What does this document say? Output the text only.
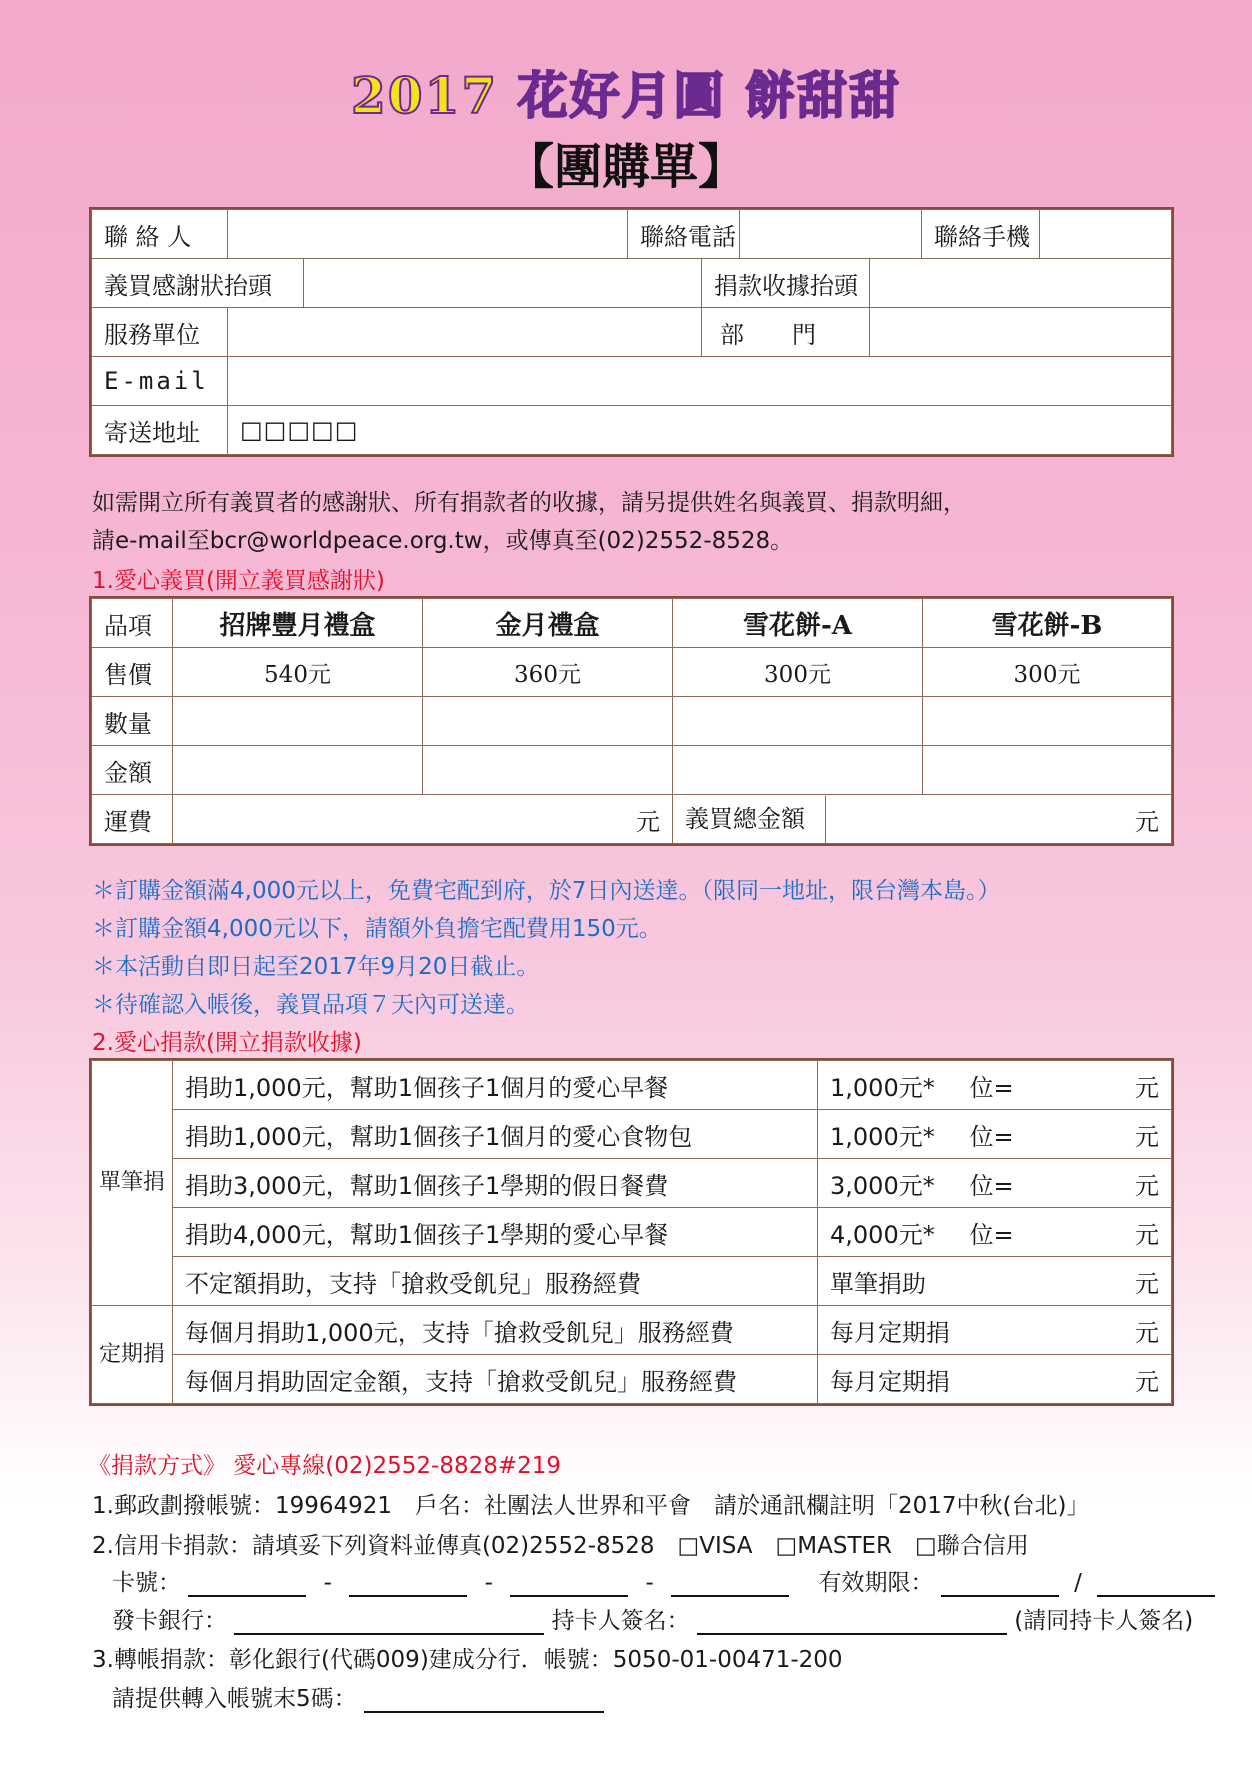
2017 花好月圓 餅甜甜
【團購單】
聯 絡 人			聯絡電話				聯絡手機	
義買感謝狀抬頭				捐款收據抬頭				
服務單位				部　　門				
E-mail								
寄送地址	□□□□□							
如需開立所有義買者的感謝狀、所有捐款者的收據，請另提供姓名與義買、捐款明細，
請e-mail至bcr@worldpeace.org.tw，或傳真至(02)2552-8528。
1.愛心義買(開立義買感謝狀)
品項	招牌豐月禮盒	金月禮盒	雪花餅-A	雪花餅-B
售價	540元	360元	300元	300元
數量				
金額				
運費	元		義買總金額 元	
＊訂購金額滿4,000元以上，免費宅配到府，於7日內送達。（限同一地址，限台灣本島。）
＊訂購金額4,000元以下，請額外負擔宅配費用150元。
＊本活動自即日起至2017年9月20日截止。
＊待確認入帳後，義買品項７天內可送達。
2.愛心捐款(開立捐款收據)
單筆捐	捐助1,000元，幫助1個孩子1個月的愛心早餐	1,000元*	位=	元
	捐助1,000元，幫助1個孩子1個月的愛心食物包	1,000元*	位=	元
	捐助3,000元，幫助1個孩子1學期的假日餐費	3,000元*	位=	元
	捐助4,000元，幫助1個孩子1學期的愛心早餐	4,000元*	位=	元
	不定額捐助，支持「搶救受飢兒」服務經費	單筆捐助		元
定期捐	每個月捐助1,000元，支持「搶救受飢兒」服務經費	每月定期捐		元
	每個月捐助固定金額，支持「搶救受飢兒」服務經費	每月定期捐		元
《捐款方式》 愛心專線(02)2552-8828#219
1.郵政劃撥帳號：19964921　戶名：社團法人世界和平會　請於通訊欄註明「2017中秋(台北)」
2.信用卡捐款：請填妥下列資料並傳真(02)2552-8528　□VISA　□MASTER　□聯合信用
卡號：	-	-	-	有效期限：	/
發卡銀行：	持卡人簽名：	(請同持卡人簽名)
3.轉帳捐款：彰化銀行(代碼009)建成分行．帳號：5050-01-00471-200
請提供轉入帳號末5碼：
